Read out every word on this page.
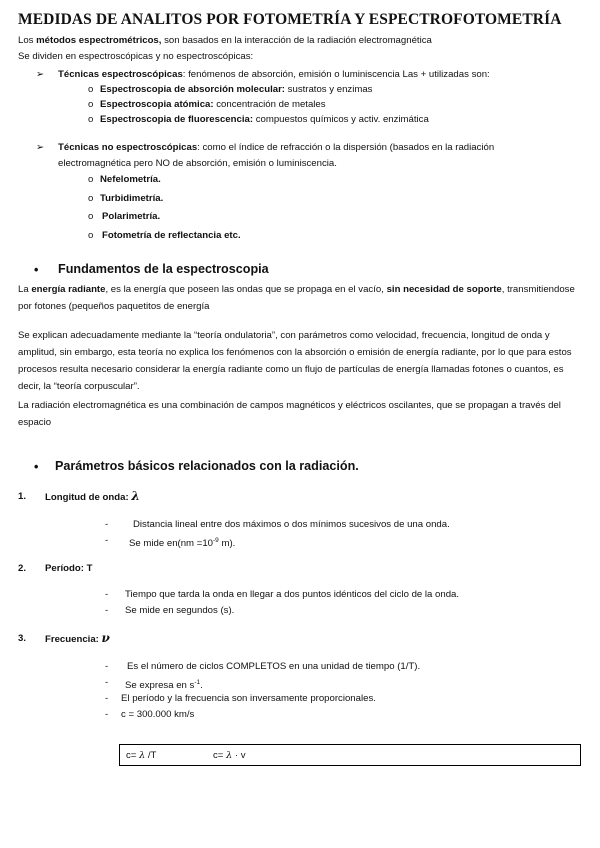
MEDIDAS DE ANALITOS POR FOTOMETRÍA Y ESPECTROFOTOMETRÍA
Los métodos espectrométricos, son basados en la interacción de la radiación electromagnética
Se dividen en espectroscópicas y no espectroscópicas:
➢ Técnicas espectroscópicas: fenómenos de absorción, emisión o luminiscencia Las + utilizadas son:
o Espectroscopia de absorción molecular: sustratos y enzimas
o Espectroscopia atómica: concentración de metales
o Espectroscopia de fluorescencia: compuestos químicos y activ. enzimática
➢ Técnicas no espectroscópicas: como el índice de refracción o la dispersión (basados en la radiación electromagnética pero NO de absorción, emisión o luminiscencia.
o Nefelometría.
o Turbidimetría.
o Polarimetría.
o Fotometría de reflectancia etc.
• Fundamentos de la espectroscopia
La energía radiante, es la energía que poseen las ondas que se propaga en el vacío, sin necesidad de soporte, transmitiendose por fotones (pequeños paquetitos de energía
Se explican adecuadamente mediante la “teoría ondulatoria”, con parámetros como velocidad, frecuencia, longitud de onda y amplitud, sin embargo, esta teoría no explica los fenómenos con la absorción o emisión de energía radiante, por lo que para estos procesos resulta necesario considerar la energía radiante como un flujo de partículas de energía llamadas fotones o cuantos, es decir, la “teoría corpuscular”.
La radiación electromagnética es una combinación de campos magnéticos y eléctricos oscilantes, que se propagan a través del espacio
• Parámetros básicos relacionados con la radiación.
1. Longitud de onda: λ
-	Distancia lineal entre dos máximos o dos mínimos sucesivos de una onda.
- Se mide $en(nm =10^{-9}$ m).
2. Período: T
- Tiempo que tarda la onda en llegar a dos puntos idénticos del ciclo de la onda.
- Se mide en segundos (s).
3. Frecuencia: ν
- Es el número de ciclos COMPLETOS en una unidad de tiempo (1/T).
- Se expresa en $s^{-1}$.
- El período y la frecuencia son inversamente proporcionales.
- c = 300.000 km/s
c= λ /T	c= λ · v
